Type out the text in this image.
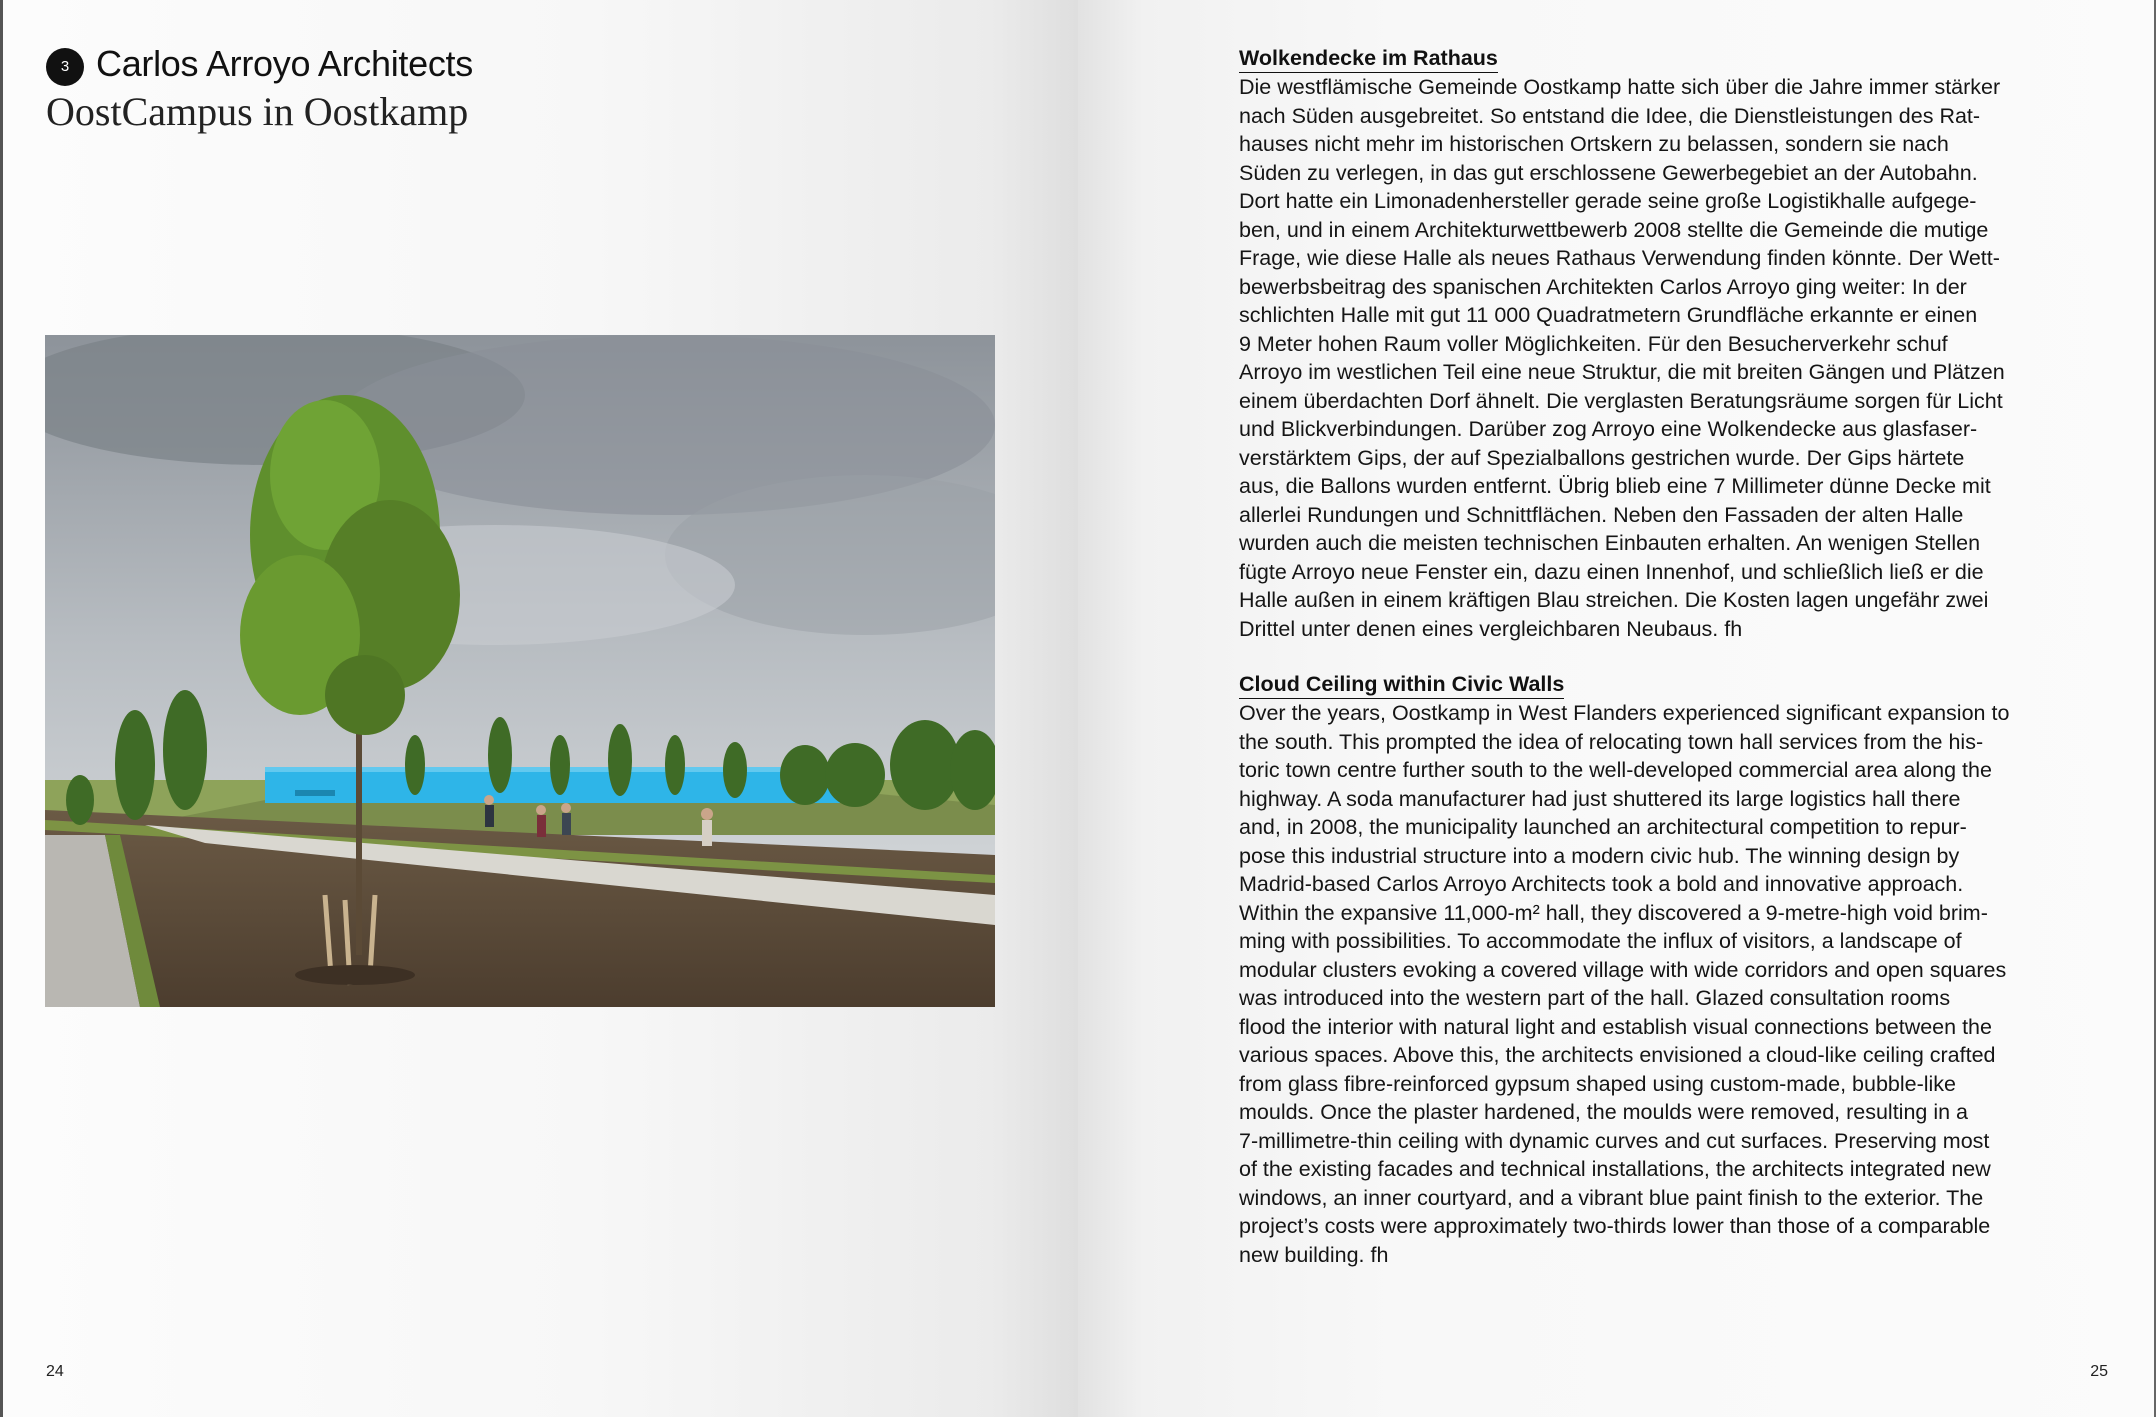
3 Carlos Arroyo Architects
OostCampus in Oostkamp
24	25
Wolkendecke im Rathaus

Die westflämische Gemeinde Oostkamp hatte sich über die Jahre immer stärker
nach Süden ausgebreitet. So entstand die Idee, die Dienstleistungen des Rat-
hauses nicht mehr im historischen Ortskern zu belassen, sondern sie nach
Süden zu verlegen, in das gut erschlossene Gewerbegebiet an der Autobahn.
Dort hatte ein Limonadenhersteller gerade seine große Logistikhalle aufgege-
ben, und in einem Architekturwettbewerb 2008 stellte die Gemeinde die mutige
Frage, wie diese Halle als neues Rathaus Verwendung finden könnte. Der Wett-
bewerbsbeitrag des spanischen Architekten Carlos Arroyo ging weiter: In der
schlichten Halle mit gut 11 000 Quadratmetern Grundfläche erkannte er einen
9 Meter hohen Raum voller Möglichkeiten. Für den Besucherverkehr schuf
Arroyo im westlichen Teil eine neue Struktur, die mit breiten Gängen und Plätzen
einem überdachten Dorf ähnelt. Die verglasten Beratungsräume sorgen für Licht
und Blickverbindungen. Darüber zog Arroyo eine Wolkendecke aus glasfaser-
verstärktem Gips, der auf Spezialballons gestrichen wurde. Der Gips härtete
aus, die Ballons wurden entfernt. Übrig blieb eine 7 Millimeter dünne Decke mit
allerlei Rundungen und Schnittflächen. Neben den Fassaden der alten Halle
wurden auch die meisten technischen Einbauten erhalten. An wenigen Stellen
fügte Arroyo neue Fenster ein, dazu einen Innenhof, und schließlich ließ er die
Halle außen in einem kräftigen Blau streichen. Die Kosten lagen ungefähr zwei
Drittel unter denen eines vergleichbaren Neubaus. fh

Cloud Ceiling within Civic Walls

Over the years, Oostkamp in West Flanders experienced significant expansion to
the south. This prompted the idea of relocating town hall services from the his-
toric town centre further south to the well-developed commercial area along the
highway. A soda manufacturer had just shuttered its large logistics hall there
and, in 2008, the municipality launched an architectural competition to repur-
pose this industrial structure into a modern civic hub. The winning design by
Madrid-based Carlos Arroyo Architects took a bold and innovative approach.
Within the expansive 11,000-m² hall, they discovered a 9-metre-high void brim-
ming with possibilities. To accommodate the influx of visitors, a landscape of
modular clusters evoking a covered village with wide corridors and open squares
was introduced into the western part of the hall. Glazed consultation rooms
flood the interior with natural light and establish visual connections between the
various spaces. Above this, the architects envisioned a cloud-like ceiling crafted
from glass fibre-reinforced gypsum shaped using custom-made, bubble-like
moulds. Once the plaster hardened, the moulds were removed, resulting in a
7-millimetre-thin ceiling with dynamic curves and cut surfaces. Preserving most
of the existing facades and technical installations, the architects integrated new
windows, an inner courtyard, and a vibrant blue paint finish to the exterior. The
project’s costs were approximately two-thirds lower than those of a comparable
new building. fh
